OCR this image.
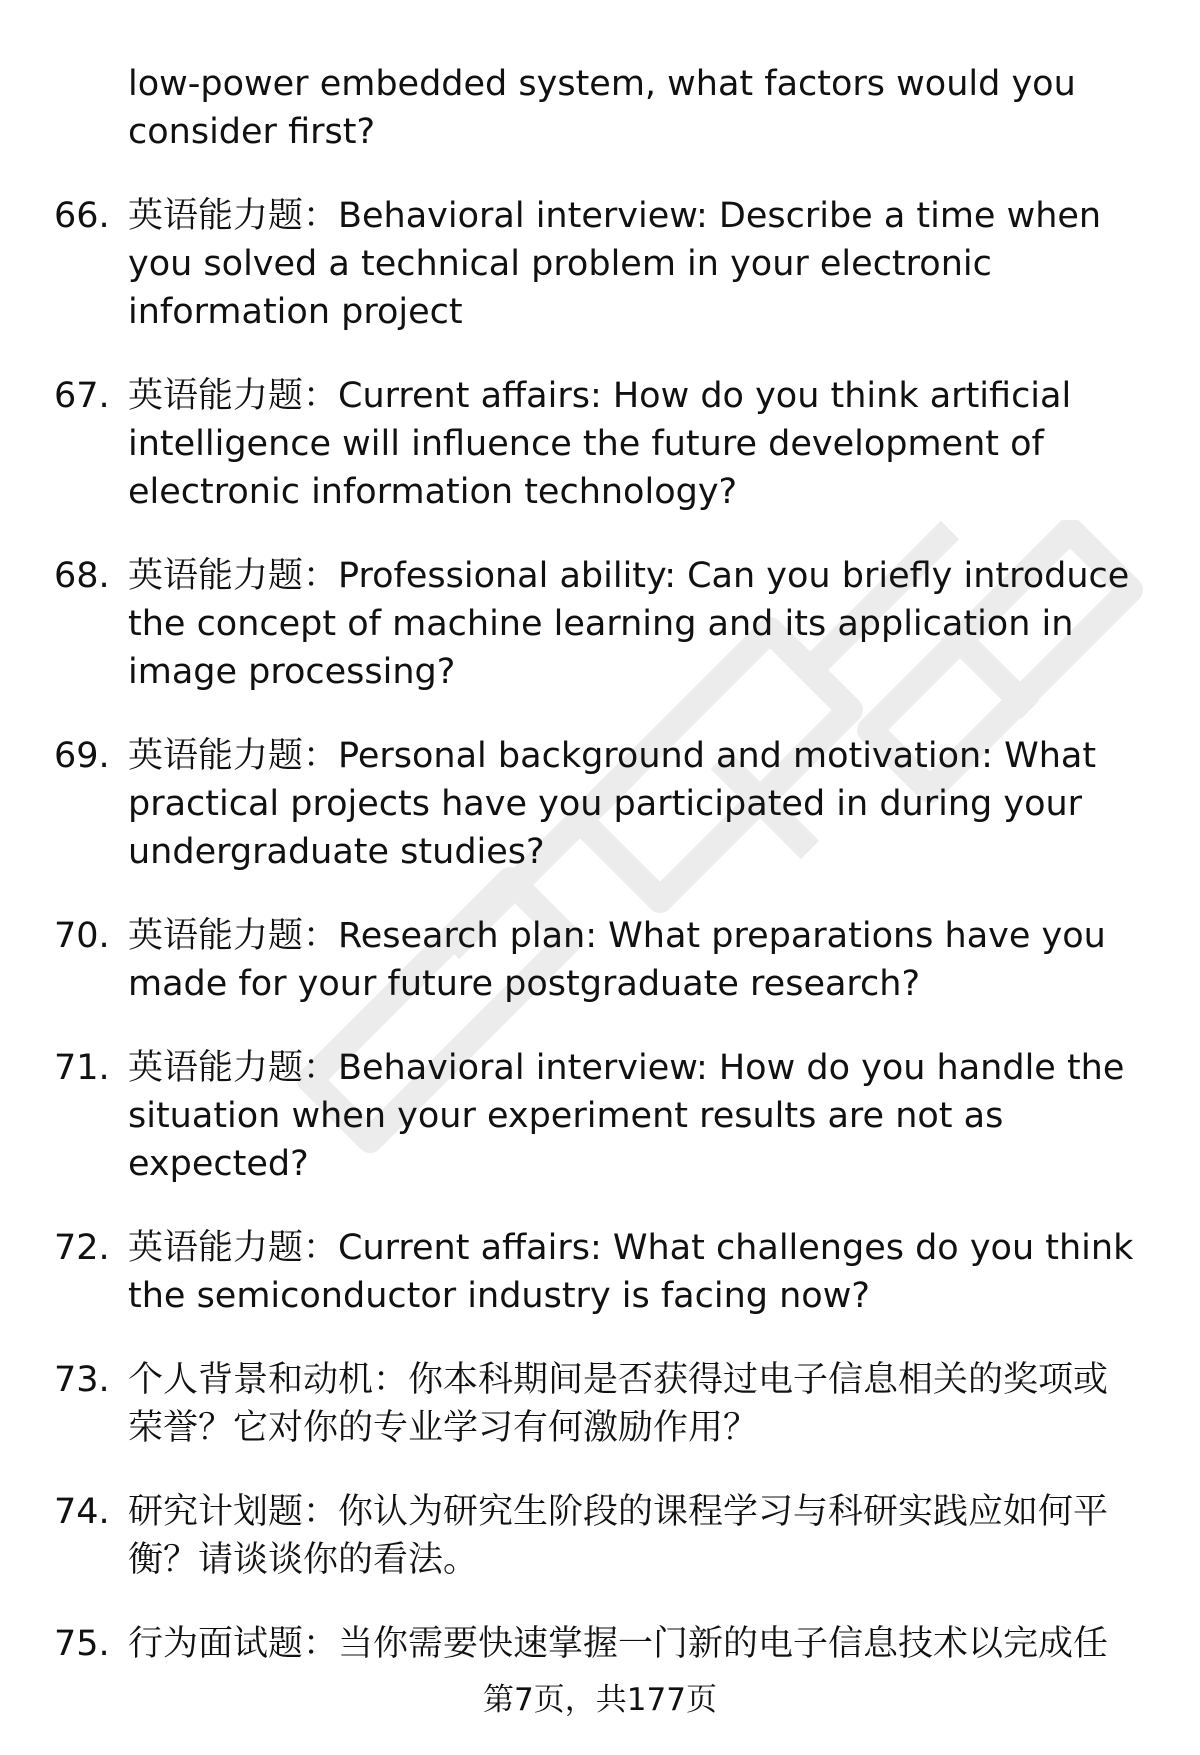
low-power embedded system, what factors would you consider first?

66. 英语能力题：Behavioral interview: Describe a time when you solved a technical problem in your electronic information project
67. 英语能力题：Current affairs: How do you think artificial intelligence will influence the future development of electronic information technology?
68. 英语能力题：Professional ability: Can you briefly introduce the concept of machine learning and its application in image processing?
69. 英语能力题：Personal background and motivation: What practical projects have you participated in during your undergraduate studies?
70. 英语能力题：Research plan: What preparations have you made for your future postgraduate research?
71. 英语能力题：Behavioral interview: How do you handle the situation when your experiment results are not as expected?
72. 英语能力题：Current affairs: What challenges do you think the semiconductor industry is facing now?
73. 个人背景和动机：你本科期间是否获得过电子信息相关的奖项或荣誉？它对你的专业学习有何激励作用？
74. 研究计划题：你认为研究生阶段的课程学习与科研实践应如何平衡？请谈谈你的看法。
75. 行为面试题：当你需要快速掌握一门新的电子信息技术以完成任
第7页，共177页
